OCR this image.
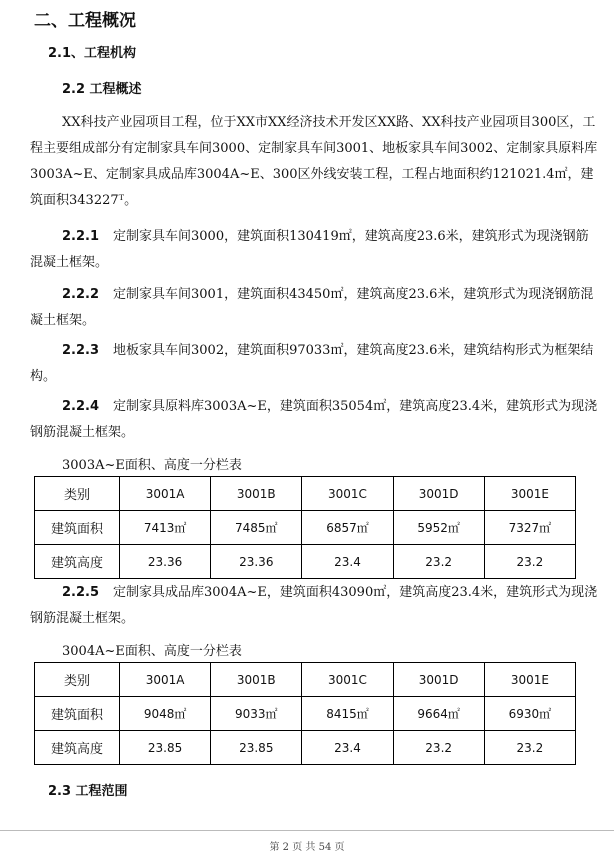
二、工程概况
2.1、工程机构
2.2 工程概述
XX科技产业园项目工程，位于XX市XX经济技术开发区XX路、XX科技产业园项目300区，工程主要组成部分有定制家具车间3000、定制家具车间3001、地板家具车间3002、定制家具原料库3003A~E、定制家具成品库3004A~E、300区外线安装工程，工程占地面积约121021.4㎡，建筑面积343227ᵀ。
2.2.1 定制家具车间3000，建筑面积130419㎡，建筑高度23.6米，建筑形式为现浇钢筋混凝土框架。
2.2.2 定制家具车间3001，建筑面积43450㎡，建筑高度23.6米，建筑形式为现浇钢筋混凝土框架。
2.2.3 地板家具车间3002，建筑面积97033㎡，建筑高度23.6米，建筑结构形式为框架结构。
2.2.4 定制家具原料库3003A~E，建筑面积35054㎡，建筑高度23.4米，建筑形式为现浇钢筋混凝土框架。
3003A~E面积、高度一分栏表
类别	3001A	3001B	3001C	3001D	3001E
建筑面积	7413㎡	7485㎡	6857㎡	5952㎡	7327㎡
建筑高度	23.36	23.36	23.4	23.2	23.2
2.2.5 定制家具成品库3004A~E，建筑面积43090㎡，建筑高度23.4米，建筑形式为现浇钢筋混凝土框架。
3004A~E面积、高度一分栏表
类别	3001A	3001B	3001C	3001D	3001E
建筑面积	9048㎡	9033㎡	8415㎡	9664㎡	6930㎡
建筑高度	23.85	23.85	23.4	23.2	23.2
2.3 工程范围
第 2 页 共 54 页
